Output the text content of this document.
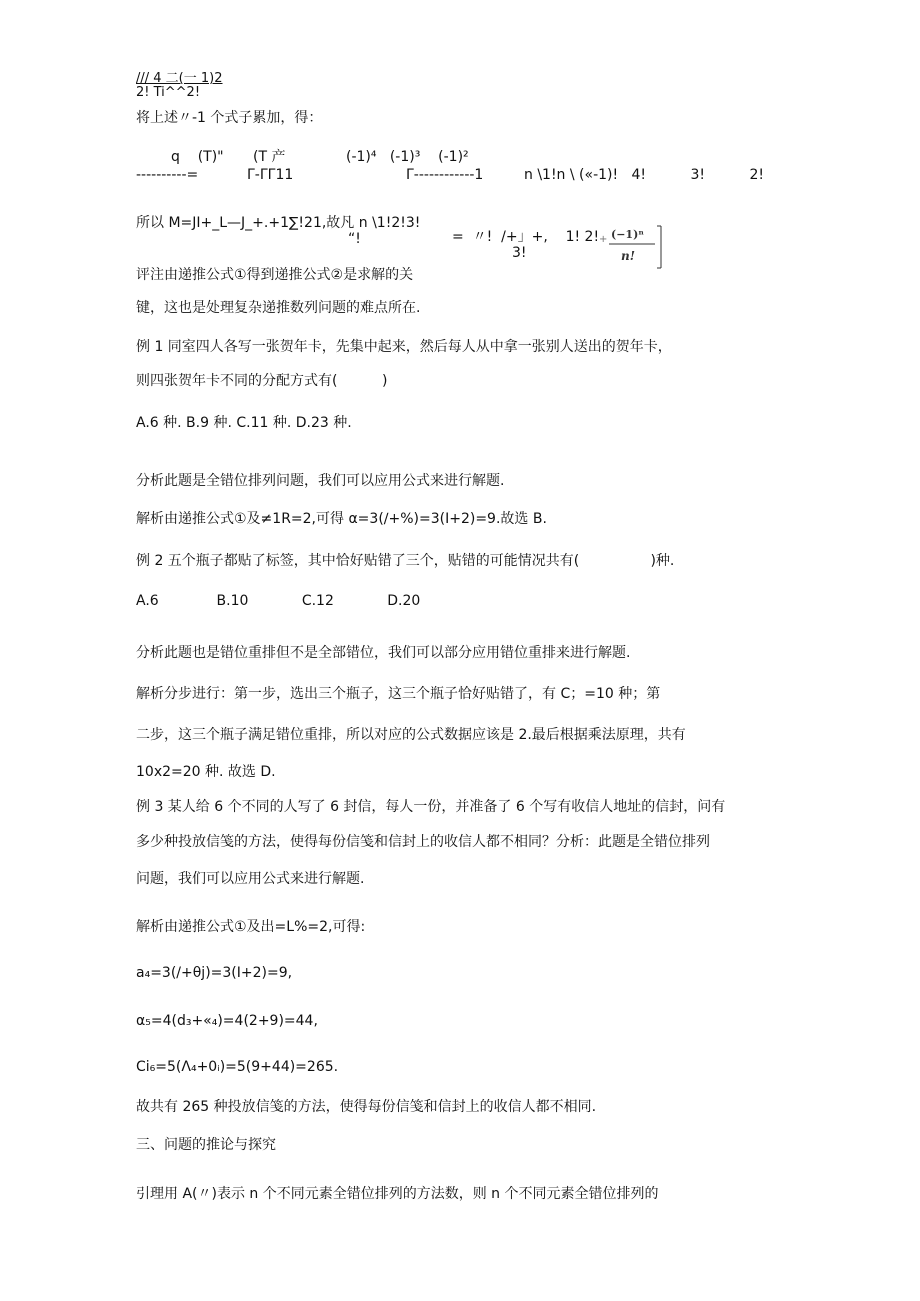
/// 4 二(一 1)2
2! Ti^^2!
将上述〃-1 个式子累加，得：
q    (T)" (T 产	(-1)⁴   (-1)³    (-1)²
----------=	Γ-ΓΓ11	Γ------------1	n \1!n \ («-1)!   4!          3!          2!
所以 M=JI+_L—J_+.+1∑!21,故凡 n \1!2!3!
“!	=  〃!  /+」+,    1! 2!
3!
+ (−1)ⁿ
n!
评注由递推公式①得到递推公式②是求解的关
键，这也是处理复杂递推数列问题的难点所在.
例 1 同室四人各写一张贺年卡，先集中起来，然后每人从中拿一张别人送出的贺年卡，
则四张贺年卡不同的分配方式有(          )
A.6 种. B.9 种. C.11 种. D.23 种.
分析此题是全错位排列问题，我们可以应用公式来进行解题.
解析由递推公式①及≠1R=2,可得 α=3(∕+%)=3(I+2)=9.故选 B.
例 2 五个瓶子都贴了标签，其中恰好贴错了三个，贴错的可能情况共有(                )种.
A.6             B.10            C.12            D.20
分析此题也是错位重排但不是全部错位，我们可以部分应用错位重排来进行解题.
解析分步进行：第一步，选出三个瓶子，这三个瓶子恰好贴错了，有 C；=10 种；第
二步，这三个瓶子满足错位重排，所以对应的公式数据应该是 2.最后根据乘法原理，共有
10x2=20 种. 故选 D.
例 3 某人给 6 个不同的人写了 6 封信，每人一份，并准备了 6 个写有收信人地址的信封，问有
多少种投放信笺的方法，使得每份信笺和信封上的收信人都不相同？分析：此题是全错位排列
问题，我们可以应用公式来进行解题.
解析由递推公式①及出=L%=2,可得:
a₄=3(/+θj)=3(I+2)=9,
α₅=4(d₃+«₄)=4(2+9)=44,
Ci₆=5(Λ₄+0ᵢ)=5(9+44)=265.
故共有 265 种投放信笺的方法，使得每份信笺和信封上的收信人都不相同.
三、问题的推论与探究
引理用 A(〃)表示 n 个不同元素全错位排列的方法数，则 n 个不同元素全错位排列的
